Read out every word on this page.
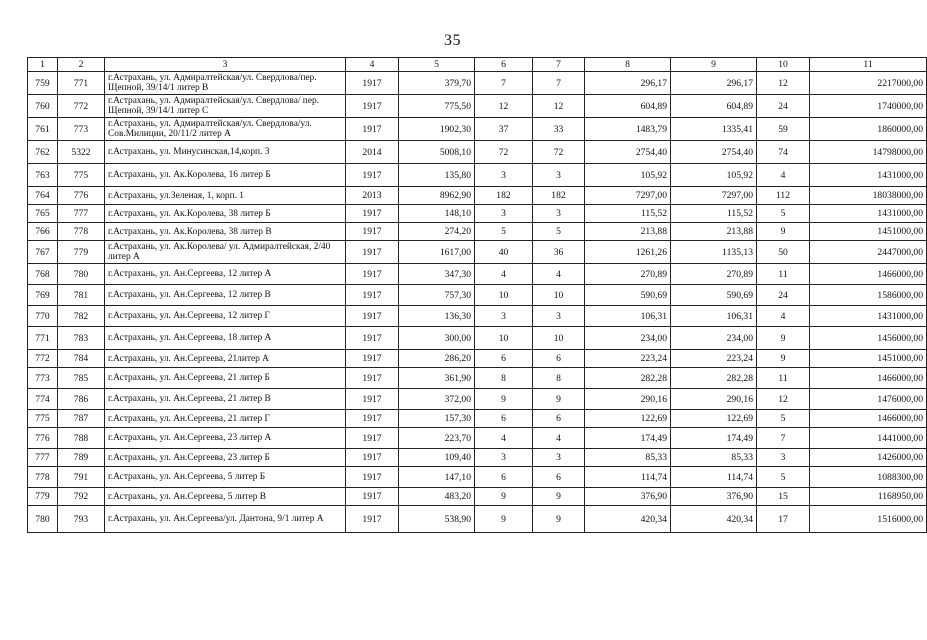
35
1	2	3	4	5	6	7	8	9	10	11
759	771	г.Астрахань, ул. Адмиралтейская/ул. Свердлова/пер. Щепной, 39/14/1 литер В	1917	379,70	7	7	296,17	296,17	12	2217000,00
760	772	г.Астрахань, ул. Адмиралтейская/ул. Свердлова/ пер. Щепной, 39/14/1 литер С	1917	775,50	12	12	604,89	604,89	24	1740000,00
761	773	г.Астрахань, ул. Адмиралтейская/ул. Свердлова/ул. Сов.Милиции, 20/11/2 литер А	1917	1902,30	37	33	1483,79	1335,41	59	1860000,00
762	5322	г.Астрахань, ул. Минусинская,14,корп. 3	2014	5008,10	72	72	2754,40	2754,40	74	14798000,00
763	775	г.Астрахань, ул. Ак.Королева, 16 литер Б	1917	135,80	3	3	105,92	105,92	4	1431000,00
764	776	г.Астрахань, ул.Зеленая, 1, корп. 1	2013	8962,90	182	182	7297,00	7297,00	112	18038000,00
765	777	г.Астрахань, ул. Ак.Королева, 38 литер Б	1917	148,10	3	3	115,52	115,52	5	1431000,00
766	778	г.Астрахань, ул. Ак.Королева, 38 литер В	1917	274,20	5	5	213,88	213,88	9	1451000,00
767	779	г.Астрахань, ул. Ак.Королева/ ул. Адмиралтейская, 2/40 литер А	1917	1617,00	40	36	1261,26	1135,13	50	2447000,00
768	780	г.Астрахань, ул. Ан.Сергеева, 12 литер А	1917	347,30	4	4	270,89	270,89	11	1466000,00
769	781	г.Астрахань, ул. Ан.Сергеева, 12 литер В	1917	757,30	10	10	590,69	590,69	24	1586000,00
770	782	г.Астрахань, ул. Ан.Сергеева, 12 литер Г	1917	136,30	3	3	106,31	106,31	4	1431000,00
771	783	г.Астрахань, ул. Ан.Сергеева, 18 литер А	1917	300,00	10	10	234,00	234,00	9	1456000,00
772	784	г.Астрахань, ул. Ан.Сергеева, 21литер А	1917	286,20	6	6	223,24	223,24	9	1451000,00
773	785	г.Астрахань, ул. Ан.Сергеева, 21 литер Б	1917	361,90	8	8	282,28	282,28	11	1466000,00
774	786	г.Астрахань, ул. Ан.Сергеева, 21 литер В	1917	372,00	9	9	290,16	290,16	12	1476000,00
775	787	г.Астрахань, ул. Ан.Сергеева, 21 литер Г	1917	157,30	6	6	122,69	122,69	5	1466000,00
776	788	г.Астрахань, ул. Ан.Сергеева, 23 литер А	1917	223,70	4	4	174,49	174,49	7	1441000,00
777	789	г.Астрахань, ул. Ан.Сергеева, 23 литер Б	1917	109,40	3	3	85,33	85,33	3	1426000,00
778	791	г.Астрахань, ул. Ан.Сергеева, 5 литер Б	1917	147,10	6	6	114,74	114,74	5	1088300,00
779	792	г.Астрахань, ул. Ан.Сергеева, 5 литер В	1917	483,20	9	9	376,90	376,90	15	1168950,00
780	793	г.Астрахань, ул. Ан.Сергеева/ул. Дантона, 9/1 литер А	1917	538,90	9	9	420,34	420,34	17	1516000,00
